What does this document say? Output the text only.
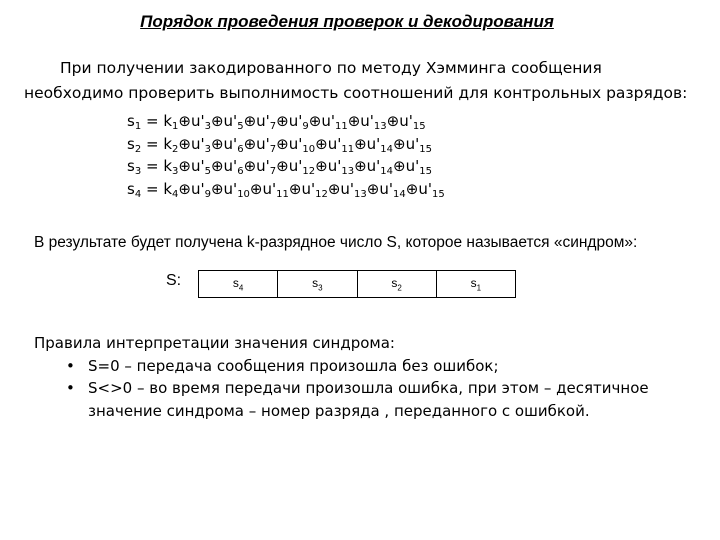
Порядок проведения проверок и декодирования
При получении закодированного по методу Хэмминга сообщения необходимо проверить выполнимость соотношений для контрольных разрядов:
$s_1$ = $k_1\oplus u'_3\oplus u'_5\oplus u'_7\oplus u'_9\oplus u'_{11}\oplus u'_{13}\oplus u'_{15}$
$s_2$ = $k_2\oplus u'_3\oplus u'_6\oplus u'_7\oplus u'_{10}\oplus u'_{11}\oplus u'_{14}\oplus u'_{15}$
$s_3$ = $k_3\oplus u'_5\oplus u'_6\oplus u'_7\oplus u'_{12}\oplus u'_{13}\oplus u'_{14}\oplus u'_{15}$
$s_4$ = $k_4\oplus u'_9\oplus u'_{10}\oplus u'_{11}\oplus u'_{12}\oplus u'_{13}\oplus u'_{14}\oplus u'_{15}$
В результате будет получена k-разрядное число S, которое называется «синдром»:
S:	$s_4$	$s_3$	$s_2$	$s_1$
Правила интерпретации значения синдрома:
• S=0 – передача сообщения произошла без ошибок;
• S<>0 – во время передачи произошла ошибка, при этом – десятичное значение синдрома – номер разряда , переданного с ошибкой.
